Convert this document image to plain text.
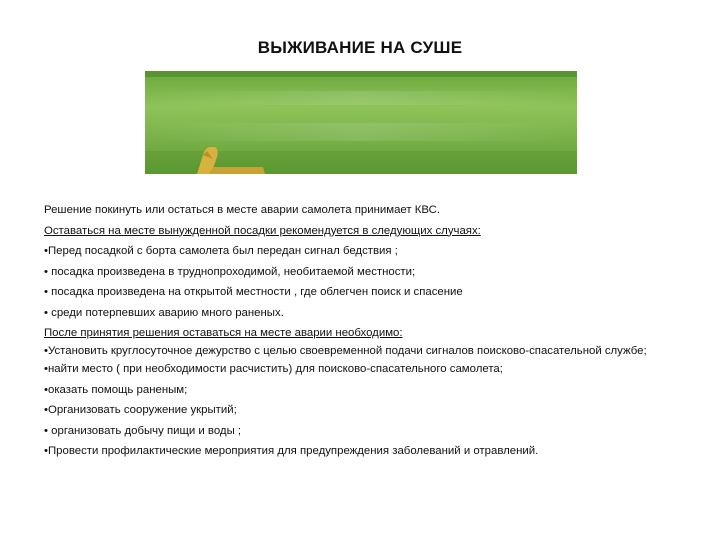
ВЫЖИВАНИЕ НА СУШЕ

Решение покинуть или остаться в месте аварии самолета принимает КВС.

Оставаться на месте вынужденной посадки рекомендуется в следующих случаях:

•Перед посадкой с борта самолета был передан сигнал бедствия ;

• посадка произведена в труднопроходимой, необитаемой местности;

• посадка произведена на открытой местности , где облегчен поиск и спасение

• среди потерпевших аварию много раненых.

После принятия решения оставаться на месте аварии необходимо:

•Установить круглосуточное дежурство с целью своевременной подачи сигналов поисково-спасательной службе;

•найти место ( при необходимости расчистить) для поисково-спасательного самолета;

•оказать помощь раненым;

•Организовать сооружение укрытий;

• организовать добычу пищи и воды ;

•Провести профилактические мероприятия для предупреждения заболеваний и отравлений.
